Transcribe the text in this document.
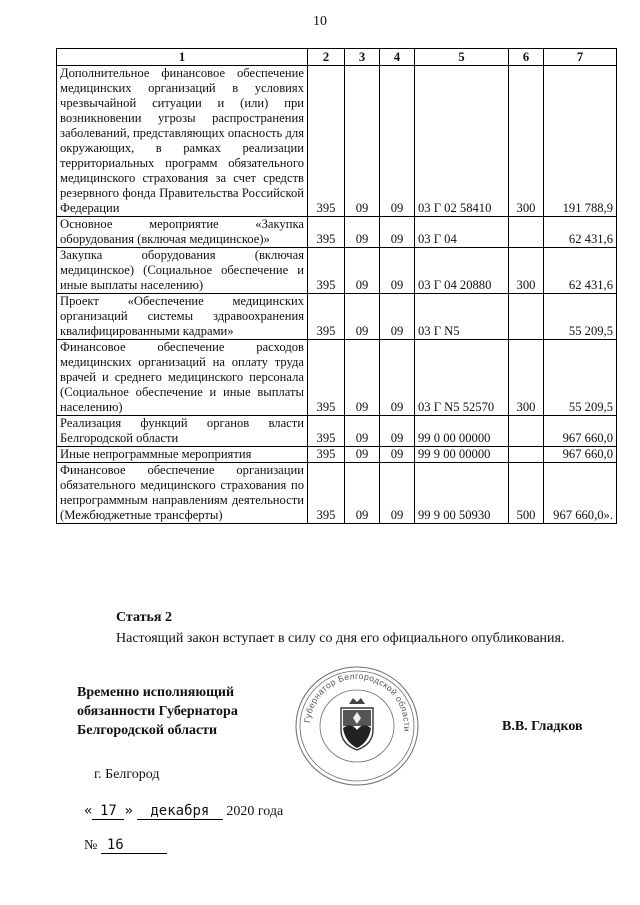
10
1	2	3	4	5	6	7
Дополнительное финансовое обеспечение медицинских организаций в условиях чрезвычайной ситуации и (или) при возникновении угрозы распространения заболеваний, представляющих опасность для окружающих, в рамках реализации территориальных программ обязательного медицинского страхования за счет средств резервного фонда Правительства Российской Федерации	395	09	09	03 Г 02 58410	300	191 788,9
Основное мероприятие «Закупка оборудования (включая медицинское)»	395	09	09	03 Г 04		62 431,6
Закупка оборудования (включая медицинское) (Социальное обеспечение и иные выплаты населению)	395	09	09	03 Г 04 20880	300	62 431,6
Проект «Обеспечение медицинских организаций системы здравоохранения квалифицированными кадрами»	395	09	09	03 Г N5		55 209,5
Финансовое обеспечение расходов медицинских организаций на оплату труда врачей и среднего медицинского персонала (Социальное обеспечение и иные выплаты населению)	395	09	09	03 Г N5 52570	300	55 209,5
Реализация функций органов власти Белгородской области	395	09	09	99 0 00 00000		967 660,0
Иные непрограммные мероприятия	395	09	09	99 9 00 00000		967 660,0
Финансовое обеспечение организации обязательного медицинского страхования по непрограммным направлениям деятельности (Межбюджетные трансферты)	395	09	09	99 9 00 50930	500	967 660,0».
Статья 2
Настоящий закон вступает в силу со дня его официального опубликования.
Временно исполняющий
обязанности Губернатора
Белгородской области
Губернатор Белгородской области	В.В. Гладков
г. Белгород
« 17 » декабря 2020 года
№ 16
